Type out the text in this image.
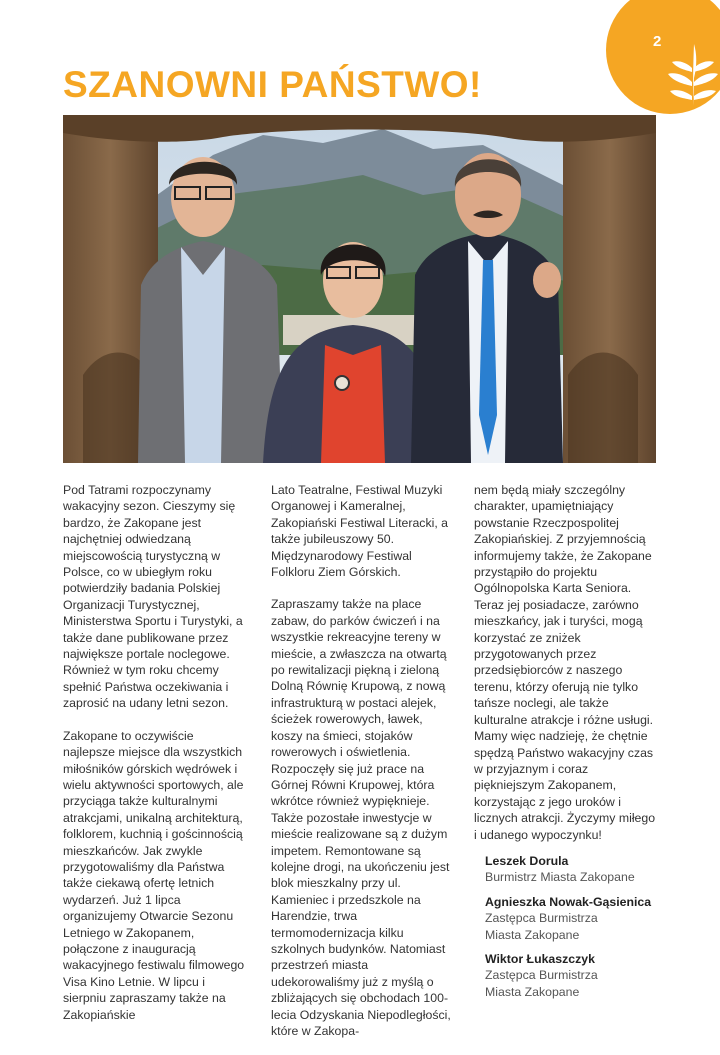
2
SZANOWNI PAŃSTWO!

Pod Tatrami rozpoczynamy wakacyjny sezon. Cieszymy się bardzo, że Zakopane jest najchętniej odwiedzaną miejscowością turystyczną w Polsce, co w ubiegłym roku potwierdziły badania Polskiej Organizacji Turystycznej, Ministerstwa Sportu i Turystyki, a także dane publikowane przez największe portale noclegowe. Również w tym roku chcemy spełnić Państwa oczekiwania i zaprosić na udany letni sezon.

Zakopane to oczywiście najlepsze miejsce dla wszystkich miłośników górskich wędrówek i wielu aktywności sportowych, ale przyciąga także kulturalnymi atrakcjami, unikalną architekturą, folklorem, kuchnią i gościnnością mieszkańców. Jak zwykle przygotowaliśmy dla Państwa także ciekawą ofertę letnich wydarzeń. Już 1 lipca organizujemy Otwarcie Sezonu Letniego w Zakopanem, połączone z inauguracją wakacyjnego festiwalu filmowego Visa Kino Letnie. W lipcu i sierpniu zapraszamy także na Zakopiańskie

Lato Teatralne, Festiwal Muzyki Organowej i Kameralnej, Zakopiański Festiwal Literacki, a także jubileuszowy 50. Międzynarodowy Festiwal Folkloru Ziem Górskich.

Zapraszamy także na place zabaw, do parków ćwiczeń i na wszystkie rekreacyjne tereny w mieście, a zwłaszcza na otwartą po rewitalizacji piękną i zieloną Dolną Równię Krupową, z nową infrastrukturą w postaci alejek, ścieżek rowerowych, ławek, koszy na śmieci, stojaków rowerowych i oświetlenia. Rozpoczęły się już prace na Górnej Równi Krupowej, która wkrótce również wypięknieje. Także pozostałe inwestycje w mieście realizowane są z dużym impetem. Remontowane są kolejne drogi, na ukończeniu jest blok mieszkalny przy ul. Kamieniec i przedszkole na Harendzie, trwa termomodernizacja kilku szkolnych budynków. Natomiast przestrzeń miasta udekorowaliśmy już z myślą o zbliżających się obchodach 100-lecia Odzyskania Niepodległości, które w Zakopa-

nem będą miały szczególny charakter, upamiętniający powstanie Rzeczpospolitej Zakopiańskiej. Z przyjemnością informujemy także, że Zakopane przystąpiło do projektu Ogólnopolska Karta Seniora. Teraz jej posiadacze, zarówno mieszkańcy, jak i turyści, mogą korzystać ze zniżek przygotowanych przez przedsiębiorców z naszego terenu, którzy oferują nie tylko tańsze noclegi, ale także kulturalne atrakcje i różne usługi. Mamy więc nadzieję, że chętnie spędzą Państwo wakacyjny czas w przyjaznym i coraz piękniejszym Zakopanem, korzystając z jego uroków i licznych atrakcji. Życzymy miłego i udanego wypoczynku!

Leszek Dorula
Burmistrz Miasta Zakopane
Agnieszka Nowak-Gąsienica
Zastępca Burmistrza
Miasta Zakopane
Wiktor Łukaszczyk
Zastępca Burmistrza
Miasta Zakopane
